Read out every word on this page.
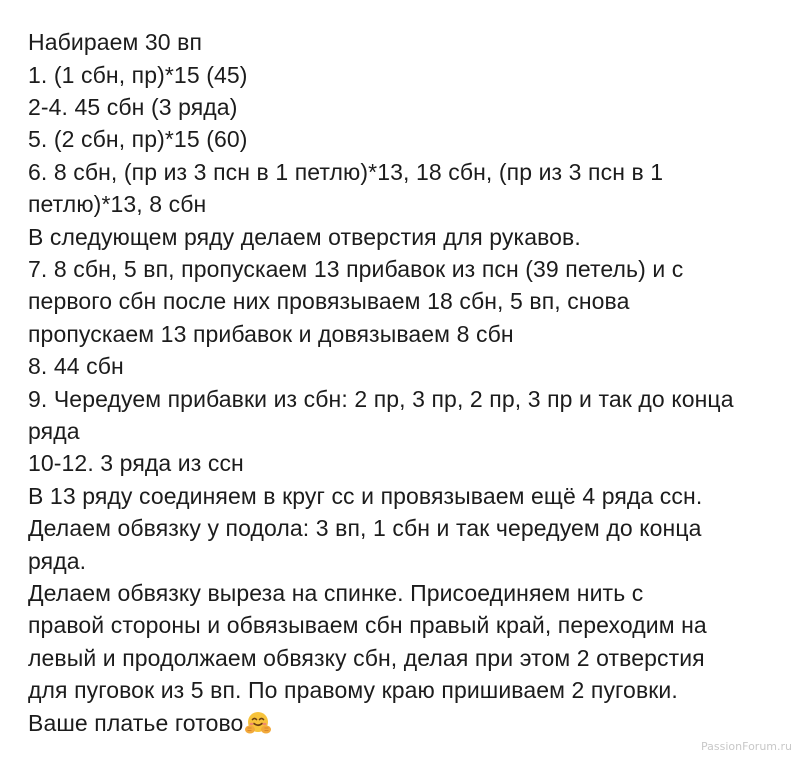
Набираем 30 вп
1. (1 сбн, пр)*15 (45)
2-4. 45 сбн (3 ряда)
5. (2 сбн, пр)*15 (60)
6. 8 сбн, (пр из 3 псн в 1 петлю)*13, 18 сбн, (пр из 3 псн в 1
петлю)*13, 8 сбн
В следующем ряду делаем отверстия для рукавов.
7. 8 сбн, 5 вп, пропускаем 13 прибавок из псн (39 петель) и с
первого сбн после них провязываем 18 сбн, 5 вп, снова
пропускаем 13 прибавок и довязываем 8 сбн
8. 44 сбн
9. Чередуем прибавки из сбн: 2 пр, 3 пр, 2 пр, 3 пр и так до конца
ряда
10-12. 3 ряда из ссн
В 13 ряду соединяем в круг сс и провязываем ещё 4 ряда ссн.
Делаем обвязку у подола: 3 вп, 1 сбн и так чередуем до конца
ряда.
Делаем обвязку выреза на спинке. Присоединяем нить с
правой стороны и обвязываем сбн правый край, переходим на
левый и продолжаем обвязку сбн, делая при этом 2 отверстия
для пуговок из 5 вп. По правому краю пришиваем 2 пуговки.
Ваше платье готово
PassionForum.ru
